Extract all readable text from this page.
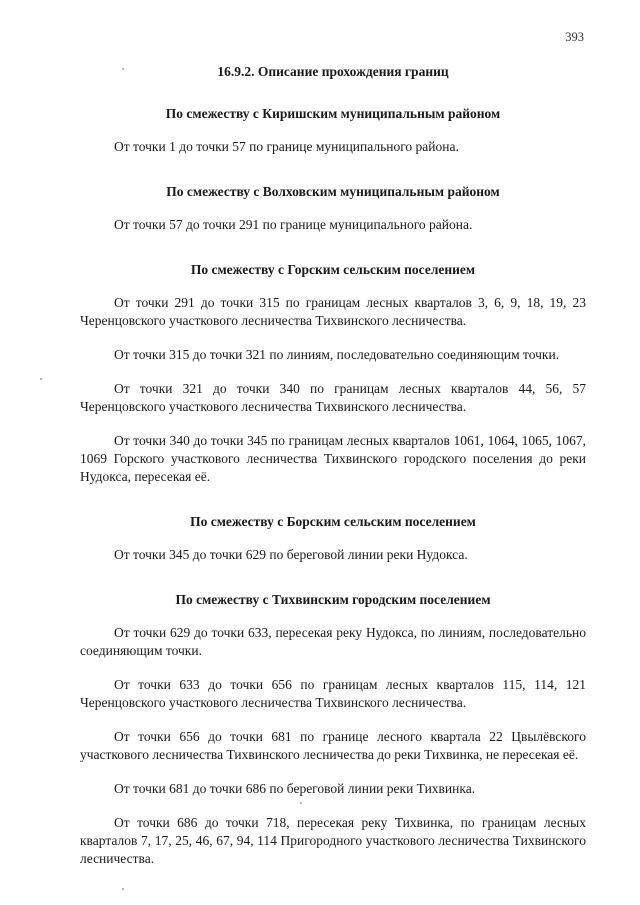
393
16.9.2. Описание прохождения границ
По смежеству с Киришским муниципальным районом

От точки 1 до точки 57 по границе муниципального района.

По смежеству с Волховским муниципальным районом

От точки 57 до точки 291 по границе муниципального района.

По смежеству с Горским сельским поселением

От точки 291 до точки 315 по границам лесных кварталов 3, 6, 9, 18, 19, 23 Черенцовского участкового лесничества Тихвинского лесничества.

От точки 315 до точки 321 по линиям, последовательно соединяющим точки.

От точки 321 до точки 340 по границам лесных кварталов 44, 56, 57 Черенцовского участкового лесничества Тихвинского лесничества.

От точки 340 до точки 345 по границам лесных кварталов 1061, 1064, 1065, 1067, 1069 Горского участкового лесничества Тихвинского городского поселения до реки Нудокса, пересекая её.

По смежеству с Борским сельским поселением

От точки 345 до точки 629 по береговой линии реки Нудокса.

По смежеству с Тихвинским городским поселением

От точки 629 до точки 633, пересекая реку Нудокса, по линиям, последовательно соединяющим точки.

От точки 633 до точки 656 по границам лесных кварталов 115, 114, 121 Черенцовского участкового лесничества Тихвинского лесничества.

От точки 656 до точки 681 по границе лесного квартала 22 Цвылёвского участкового лесничества Тихвинского лесничества до реки Тихвинка, не пересекая её.

От точки 681 до точки 686 по береговой линии реки Тихвинка.

От точки 686 до точки 718, пересекая реку Тихвинка, по границам лесных кварталов 7, 17, 25, 46, 67, 94, 114 Пригородного участкового лесничества Тихвинского лесничества.
